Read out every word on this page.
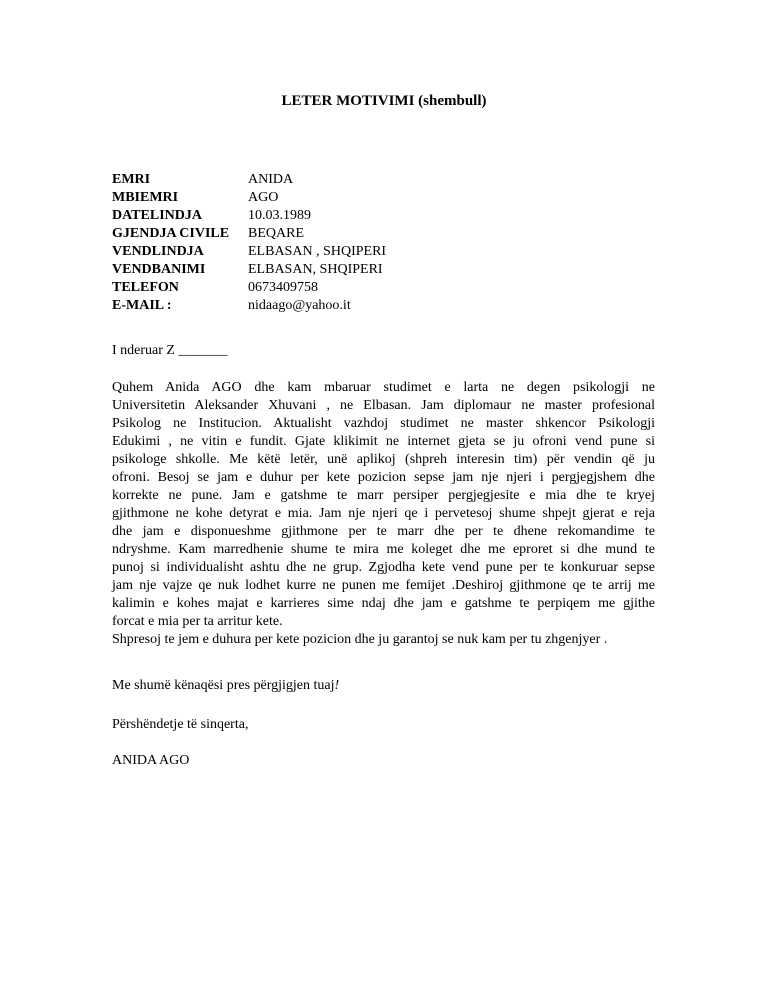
LETER MOTIVIMI (shembull)
EMRI	ANIDA
MBIEMRI	AGO
DATELINDJA	10.03.1989
GJENDJA CIVILE	BEQARE
VENDLINDJA	ELBASAN , SHQIPERI
VENDBANIMI	ELBASAN, SHQIPERI
TELEFON	0673409758
E-MAIL :	nidaago@yahoo.it
I nderuar Z _______
Quhem Anida AGO dhe kam mbaruar studimet e larta ne degen psikologji ne
Universitetin Aleksander Xhuvani , ne Elbasan. Jam diplomaur ne master profesional
Psikolog ne Institucion. Aktualisht vazhdoj studimet ne master shkencor Psikologji
Edukimi , ne vitin e fundit. Gjate klikimit ne internet gjeta se ju ofroni vend pune si
psikologe shkolle. Me këtë letër, unë aplikoj (shpreh interesin tim) për vendin që ju
ofroni. Besoj se jam e duhur per kete pozicion sepse jam nje njeri i pergjegjshem dhe
korrekte ne pune. Jam e gatshme te marr persiper pergjegjesite e mia dhe te kryej
gjithmone ne kohe detyrat e mia. Jam nje njeri qe i pervetesoj shume shpejt gjerat e reja
dhe jam e disponueshme gjithmone per te marr dhe per te dhene rekomandime te
ndryshme. Kam marredhenie shume te mira me koleget dhe me eproret si dhe mund te
punoj si individualisht ashtu dhe ne grup. Zgjodha kete vend pune per te konkuruar sepse
jam nje vajze qe nuk lodhet kurre ne punen me femijet .Deshiroj gjithmone qe te arrij me
kalimin e kohes majat e karrieres sime ndaj dhe jam e gatshme te perpiqem me gjithe
forcat e mia per ta arritur kete.
Shpresoj te jem e duhura per kete pozicion dhe ju garantoj se nuk kam per tu zhgenjyer .
Me shumë kënaqësi pres përgjigjen tuaj!
Përshëndetje të sinqerta,
ANIDA AGO
